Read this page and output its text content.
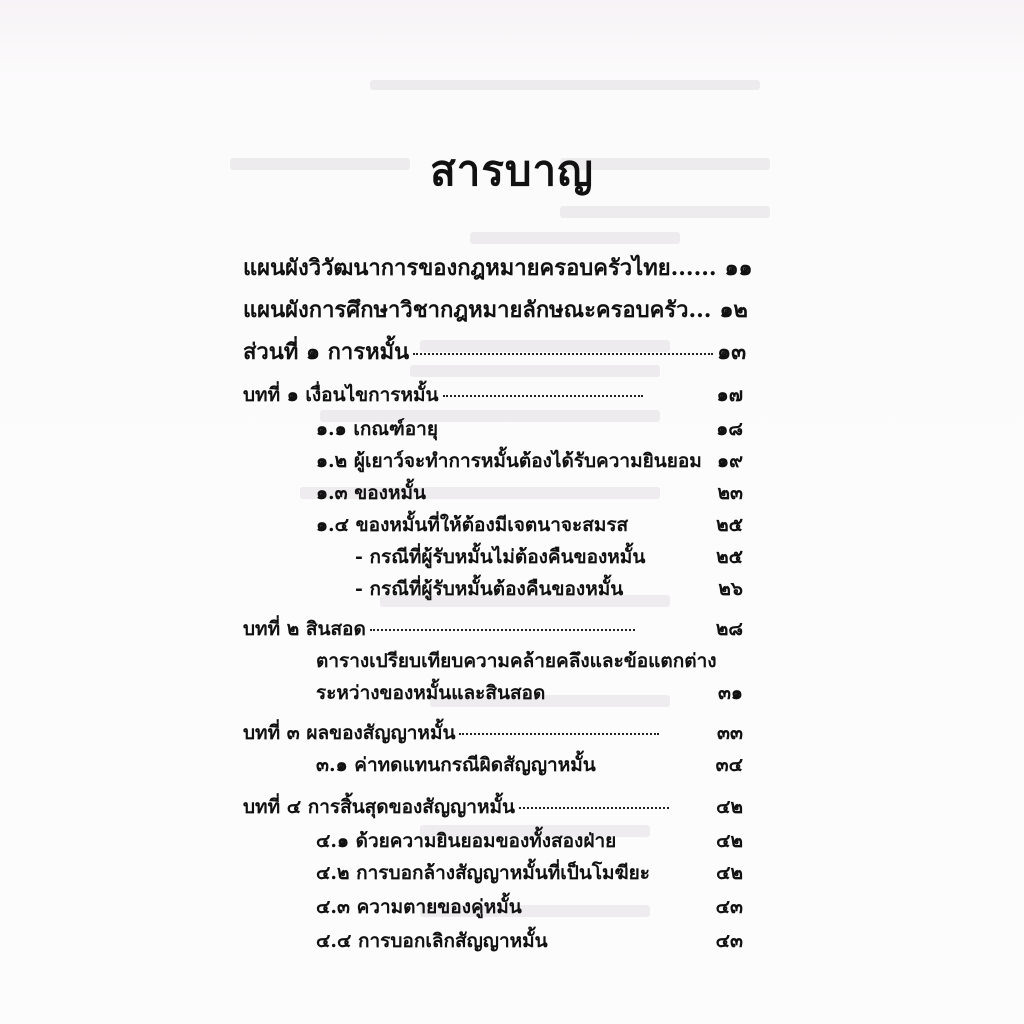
สารบาญ
แผนผังวิวัฒนาการของกฎหมายครอบครัวไทย...... ๑๑
แผนผังการศึกษาวิชากฎหมายลักษณะครอบครัว... ๑๒
ส่วนที่ ๑ การหมั้น	๑๓
บทที่ ๑ เงื่อนไขการหมั้น	๑๗
๑.๑ เกณฑ์อายุ	๑๘
๑.๒ ผู้เยาว์จะทำการหมั้นต้องได้รับความยินยอม ๑๙
๑.๓ ของหมั้น	๒๓
๑.๔ ของหมั้นที่ให้ต้องมีเจตนาจะสมรส	๒๕
- กรณีที่ผู้รับหมั้นไม่ต้องคืนของหมั้น	๒๕
- กรณีที่ผู้รับหมั้นต้องคืนของหมั้น	๒๖
บทที่ ๒ สินสอด	๒๘
ตารางเปรียบเทียบความคล้ายคลึงและข้อแตกต่าง
ระหว่างของหมั้นและสินสอด	๓๑
บทที่ ๓ ผลของสัญญาหมั้น	๓๓
๓.๑ ค่าทดแทนกรณีผิดสัญญาหมั้น	๓๔
บทที่ ๔ การสิ้นสุดของสัญญาหมั้น	๔๒
๔.๑ ด้วยความยินยอมของทั้งสองฝ่าย	๔๒
๔.๒ การบอกล้างสัญญาหมั้นที่เป็นโมฆียะ	๔๒
๔.๓ ความตายของคู่หมั้น	๔๓
๔.๔ การบอกเลิกสัญญาหมั้น	๔๓
